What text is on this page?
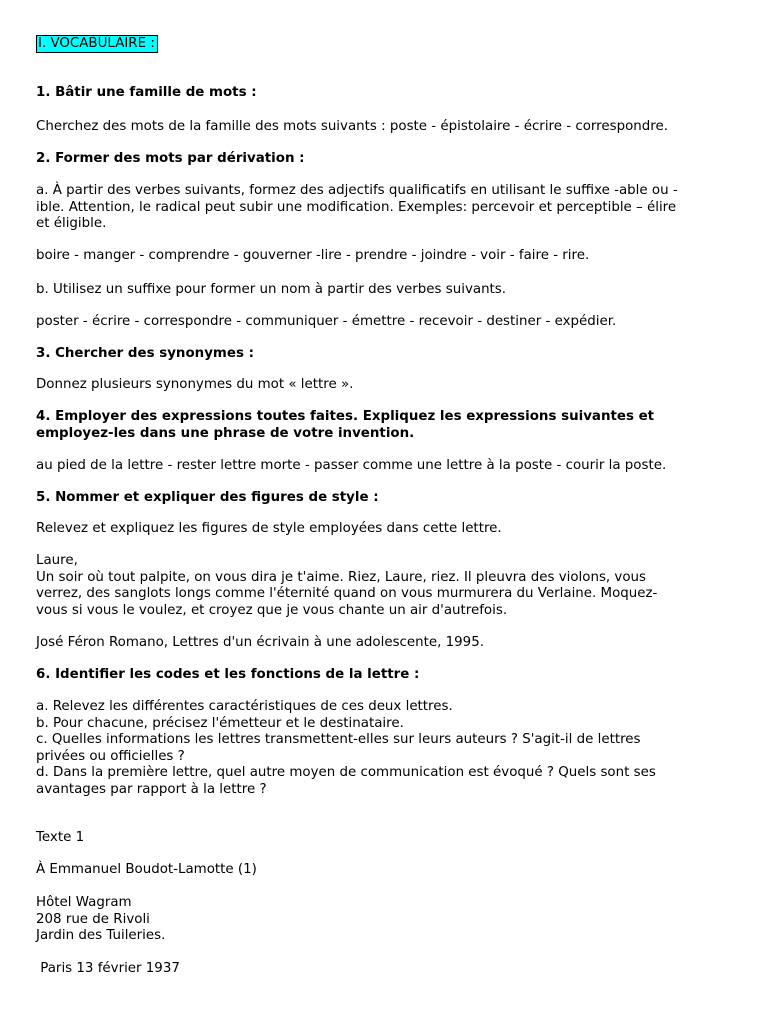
I. VOCABULAIRE :

1. Bâtir une famille de mots :

Cherchez des mots de la famille des mots suivants : poste - épistolaire - écrire - correspondre.

2. Former des mots par dérivation :

a. À partir des verbes suivants, formez des adjectifs qualificatifs en utilisant le suffixe -able ou -
ible. Attention, le radical peut subir une modification. Exemples: percevoir et perceptible – élire
et éligible.

boire - manger - comprendre - gouverner -lire - prendre - joindre - voir - faire - rire.

b. Utilisez un suffixe pour former un nom à partir des verbes suivants.

poster - écrire - correspondre - communiquer - émettre - recevoir - destiner - expédier.

3. Chercher des synonymes :

Donnez plusieurs synonymes du mot « lettre ».

4. Employer des expressions toutes faites. Expliquez les expressions suivantes et
employez-les dans une phrase de votre invention.

au pied de la lettre - rester lettre morte - passer comme une lettre à la poste - courir la poste.

5. Nommer et expliquer des figures de style :

Relevez et expliquez les figures de style employées dans cette lettre.

Laure,
Un soir où tout palpite, on vous dira je t'aime. Riez, Laure, riez. Il pleuvra des violons, vous
verrez, des sanglots longs comme l'éternité quand on vous murmurera du Verlaine. Moquez-
vous si vous le voulez, et croyez que je vous chante un air d'autrefois.

José Féron Romano, Lettres d'un écrivain à une adolescente, 1995.

6. Identifier les codes et les fonctions de la lettre :

a. Relevez les différentes caractéristiques de ces deux lettres.
b. Pour chacune, précisez l'émetteur et le destinataire.
c. Quelles informations les lettres transmettent-elles sur leurs auteurs ? S'agit-il de lettres
privées ou officielles ?
d. Dans la première lettre, quel autre moyen de communication est évoqué ? Quels sont ses
avantages par rapport à la lettre ?

Texte 1

À Emmanuel Boudot-Lamotte (1)

Hôtel Wagram
208 rue de Rivoli
Jardin des Tuileries.

Paris 13 février 1937
